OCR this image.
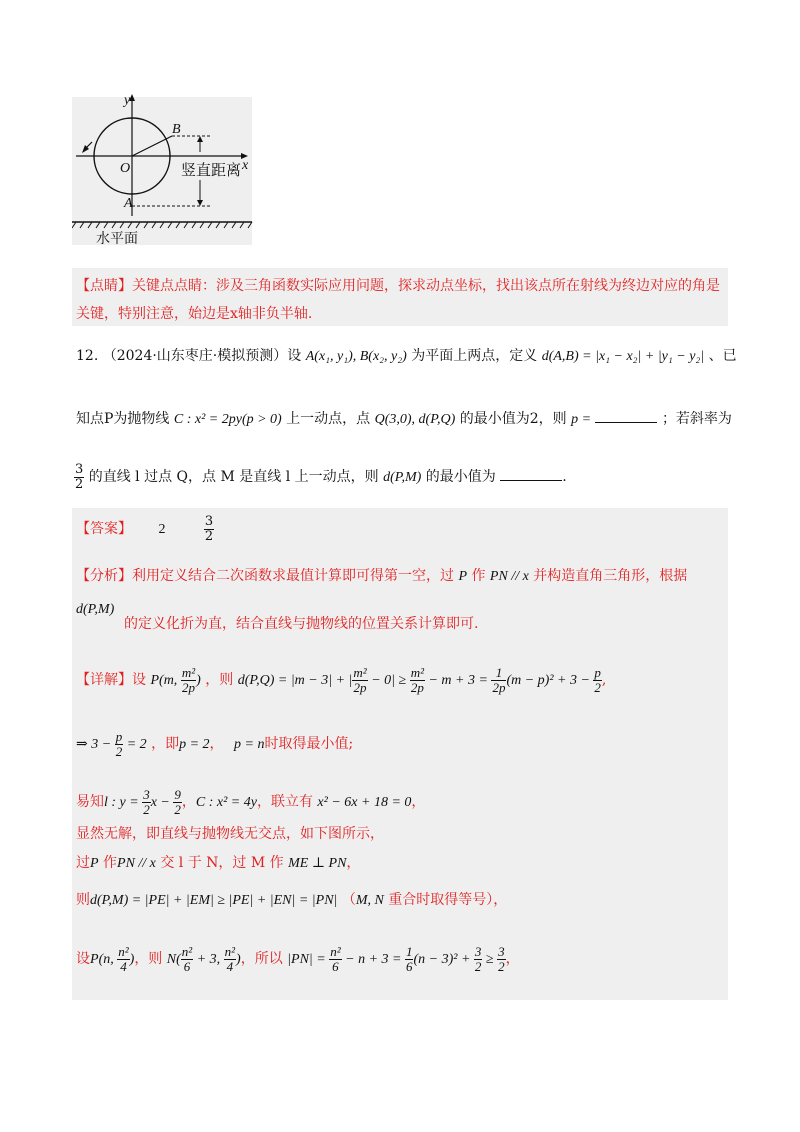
y
x
O
B
A
竖直距离
水平面
【点睛】关键点点睛：涉及三角函数实际应用问题，探求动点坐标，找出该点所在射线为终边对应的角是
关键，特别注意，始边是x轴非负半轴.
12. （2024·山东枣庄·模拟预测）设 A(x₁, y₁), B(x₂, y₂) 为平面上两点，定义 d(A,B) = |x₁ − x₂| + |y₁ − y₂| 、已
知点P为抛物线 C : x² = 2py(p > 0) 上一动点，点 Q(3,0), d(P,Q) 的最小值为2，则 p =	；若斜率为
$\frac{3}{2}$ 的直线 l 过点 Q，点 M 是直线 l 上一动点，则 d(P,M) 的最小值为	.
【答案】 2	$\frac{3}{2}$
【分析】利用定义结合二次函数求最值计算即可得第一空，过 P 作 PN // x 并构造直角三角形，根据
d(P,M)
的定义化折为直，结合直线与抛物线的位置关系计算即可.
【详解】设 P(m, $\frac{\text{m²}}{2p}$ ) ，则 d(P,Q) = |m − 3| + | $\frac{\text{m²}}{2p} - 0| \ge \frac{\text{m²}}{2p} - m + 3 = \frac{1}{2p} (m - p)^2 + 3 - \frac{p}{2}$ ,
⇒ $3 - \frac{p}{2} = 2$ ，即p = 2， p = n时取得最小值;
易知l : $y = \frac{3}{2}$ $x - \frac{9}{2}$ ，C : x² = 4y，联立有 x² − 6x + 18 = 0，
显然无解，即直线与抛物线无交点，如下图所示，
过P 作PN // x 交 l 于 N，过 M 作 ME ⊥ PN，
则d(P,M) = |PE| + |EM| ≥ |PE| + |EN| = |PN| （M, N 重合时取得等号），
设P(n, $\frac{\text{n²}}{4}$ )，则 $N( \frac{\text{n²}}{6} + 3$, $\frac{\text{n²}}{4}$ )，所以 $|PN| = \frac{\text{n²}}{6} - n + 3 = \frac{1}{6} (n - 3)^2 + \frac{3}{2} \ge \frac{3}{2}$ ，
